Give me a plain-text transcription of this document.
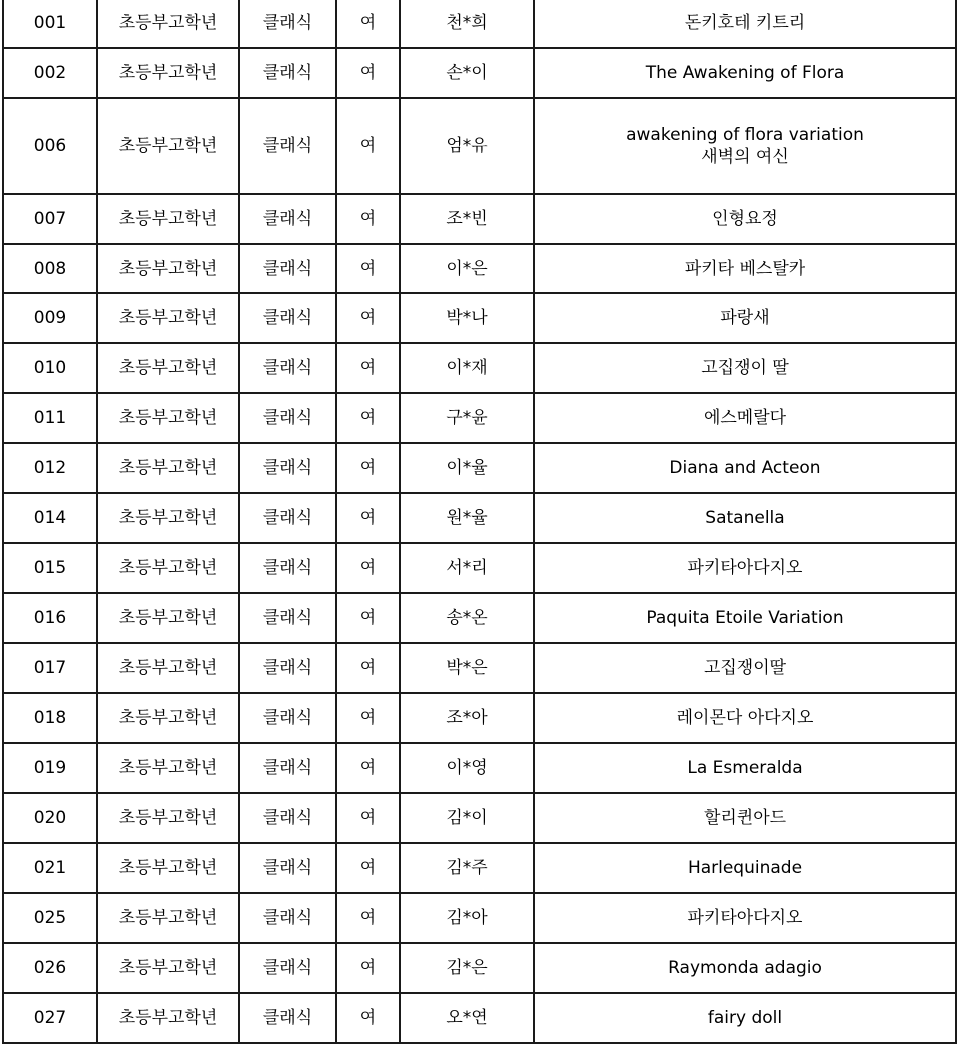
001	초등부고학년	클래식	여	천*희	돈키호테 키트리

002	초등부고학년	클래식	여	손*이	The Awakening of Flora

006	초등부고학년	클래식	여	엄*유	awakening of flora variation
새벽의 여신

007	초등부고학년	클래식	여	조*빈	인형요정

008	초등부고학년	클래식	여	이*은	파키타 베스탈카

009	초등부고학년	클래식	여	박*나	파랑새

010	초등부고학년	클래식	여	이*재	고집쟁이 딸

011	초등부고학년	클래식	여	구*윤	에스메랄다

012	초등부고학년	클래식	여	이*율	Diana and Acteon

014	초등부고학년	클래식	여	원*율	Satanella

015	초등부고학년	클래식	여	서*리	파키타아다지오

016	초등부고학년	클래식	여	송*온	Paquita Etoile Variation

017	초등부고학년	클래식	여	박*은	고집쟁이딸

018	초등부고학년	클래식	여	조*아	레이몬다 아다지오

019	초등부고학년	클래식	여	이*영	La Esmeralda

020	초등부고학년	클래식	여	김*이	할리퀸아드

021	초등부고학년	클래식	여	김*주	Harlequinade

025	초등부고학년	클래식	여	김*아	파키타아다지오

026	초등부고학년	클래식	여	김*은	Raymonda adagio

027	초등부고학년	클래식	여	오*연	fairy doll
